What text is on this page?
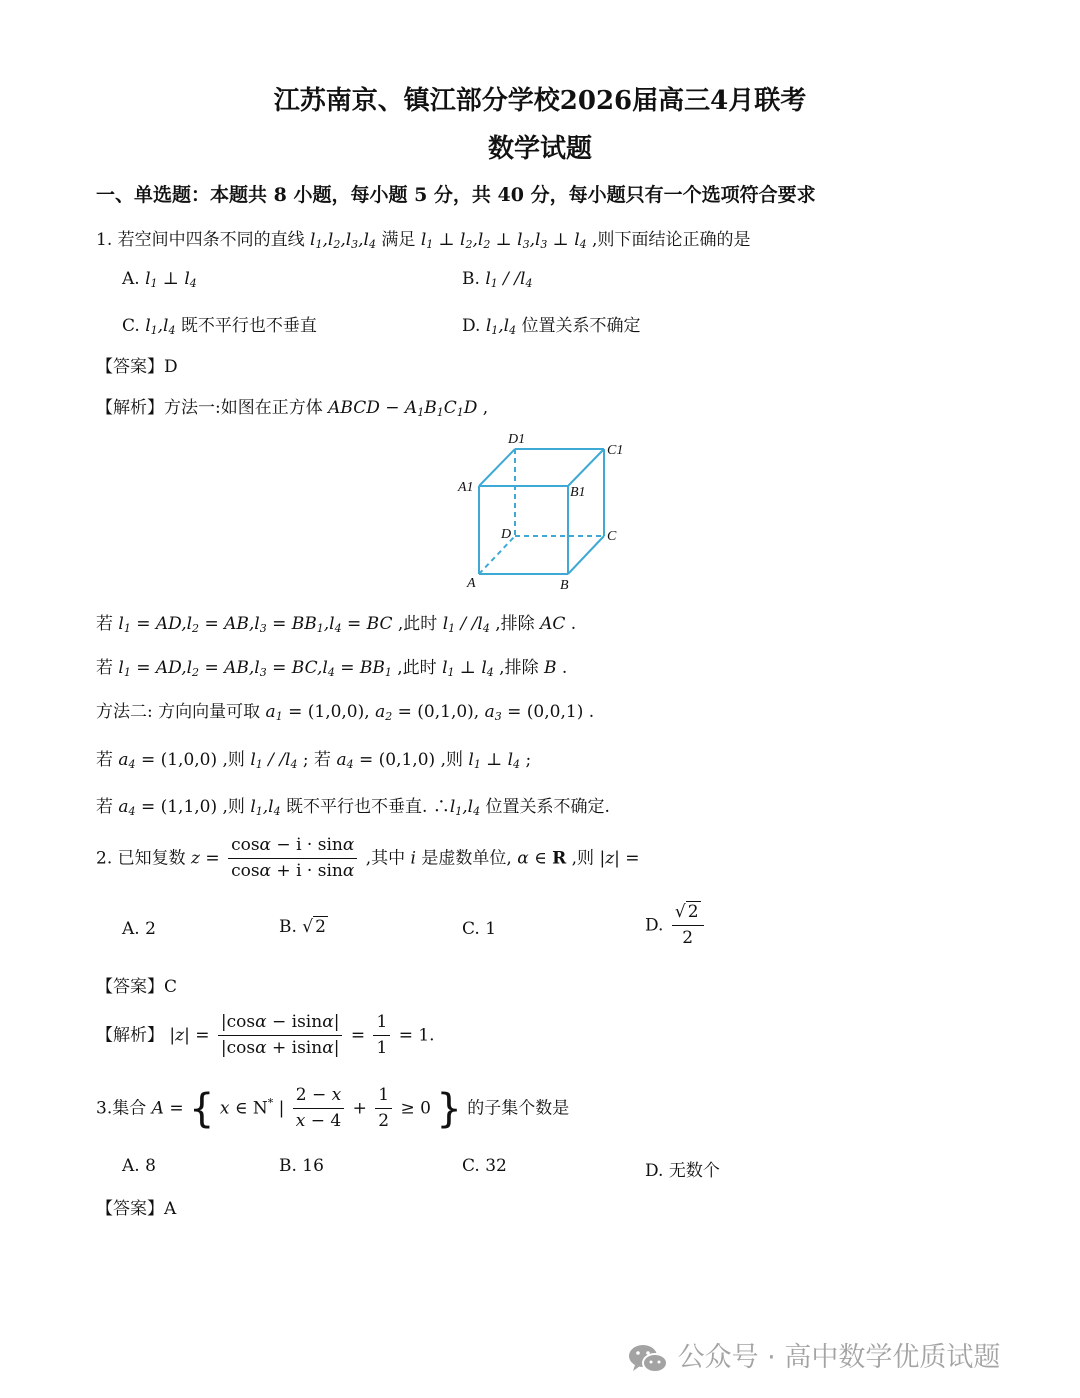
江苏南京、镇江部分学校2026届高三4月联考
数学试题
一、单选题：本题共 8 小题，每小题 5 分，共 40 分，每小题只有一个选项符合要求
1. 若空间中四条不同的直线 $l_1,l_2,l_3,l_4$ 满足 $l_1$ ⊥ $l_2,l_2$ ⊥ $l_3,l_3$ ⊥ $l_4$ ,则下面结论正确的是
A. $l_1$ ⊥ $l_4$	B. $l_1 / /l_4$
C. $l_1,l_4$ 既不平行也不垂直	D. $l_1,l_4$ 位置关系不确定
【答案】D
【解析】方法一:如图在正方体 ABCD − $A_1B_1C_1D$ ,
A	B
C
D
A1	B1
C1
D1
若 $l_1 = AD,l_2 = AB,l_3 = BB_1,l_4$ = BC ,此时 $l_1 / /l_4$ ,排除 AC .
若 $l_1 = AD,l_2 = AB,l_3 = BC,l_4 = BB_1$ ,此时 $l_1$ ⊥ $l_4$ ,排除 B .
方法二: 方向向量可取 $a_1 = (1,0,0)$, $a_2 = (0,1,0)$, $a_3 = (0,0,1)$ .
若 $a_4 = (1,0,0)$ ,则 $l_1 / /l_4$ ; 若 $a_4 = (0,1,0)$ ,则 $l_1$ ⊥ $l_4$ ;
若 $a_4 = (1,1,0)$ ,则 $l_1,l_4$ 既不平行也不垂直. $\therefore l_1,l_4$ 位置关系不确定.
2. 已知复数 $z = \frac{\cos\alpha - i \cdot \sin\alpha}{\cos\alpha + i \cdot \sin\alpha}$ ,其中 i 是虚数单位, α ∈ R ,则 |z| =
A. 2	B. √ 2	C. 1	D. $\frac{√ 2}{2}$
【答案】C
【解析】 $|z| = \frac{|\cos\alpha - isin\alpha|}{|\cos\alpha + isin\alpha|} = \frac{1}{1} = 1$.
3.集合 A = { x ∈ N* | $\frac{2 - x}{x - 4} + \frac{1}{2} \ge 0$ } 的子集个数是
A. 8	B. 16	C. 32	D. 无数个
【答案】A
公众号 · 高中数学优质试题
